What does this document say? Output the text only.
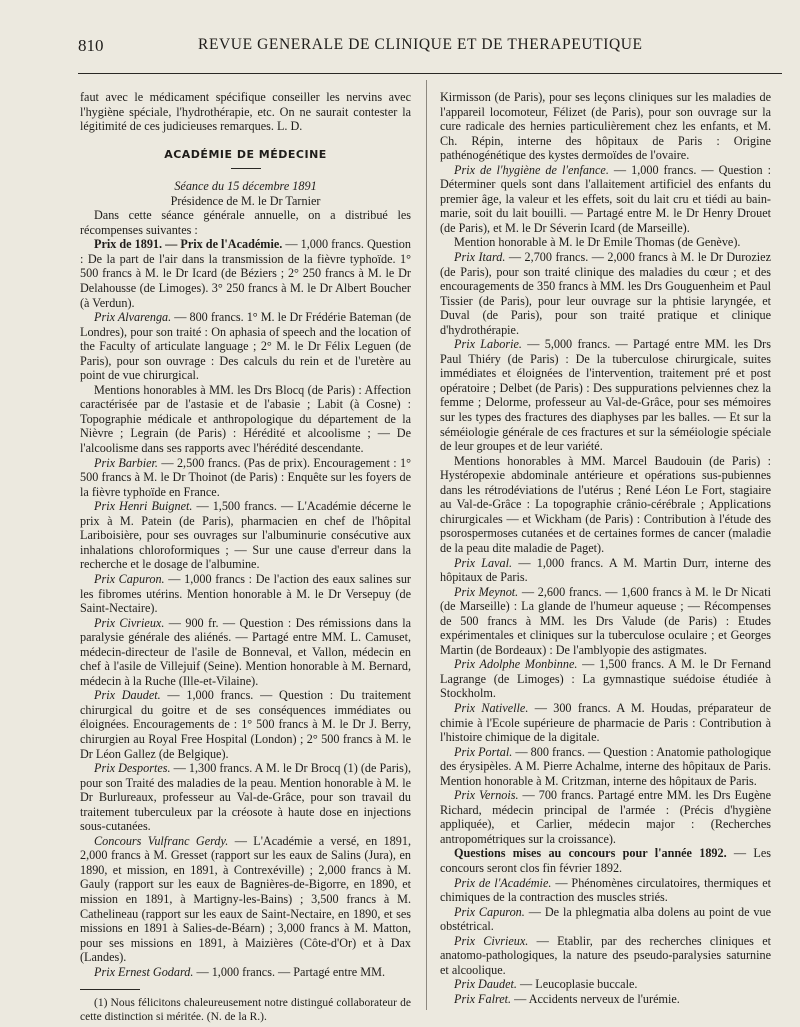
810	REVUE GENERALE DE CLINIQUE ET DE THERAPEUTIQUE

faut avec le médicament spécifique conseiller les nervins avec l'hygiène spéciale, l'hydrothérapie, etc. On ne saurait contester la légitimité de ces judicieuses remarques. L. D.

ACADÉMIE DE MÉDECINE

Séance du 15 décembre 1891

Présidence de M. le Dr Tarnier

Dans cette séance générale annuelle, on a distribué les récompenses suivantes :

Prix de 1891. — Prix de l'Académie. — 1,000 francs. Question : De la part de l'air dans la transmission de la fièvre typhoïde. 1° 500 francs à M. le Dr Icard (de Béziers ; 2° 250 francs à M. le Dr Delahousse (de Limoges). 3° 250 francs à M. le Dr Albert Boucher (à Verdun).

Prix Alvarenga. — 800 francs. 1° M. le Dr Frédérie Bateman (de Londres), pour son traité : On aphasia of speech and the location of the Faculty of articulate language ; 2° M. le Dr Félix Leguen (de Paris), pour son ouvrage : Des calculs du rein et de l'uretère au point de vue chirurgical.

Mentions honorables à MM. les Drs Blocq (de Paris) : Affection caractérisée par de l'astasie et de l'abasie ; Labit (à Cosne) : Topographie médicale et anthropologique du département de la Nièvre ; Legrain (de Paris) : Hérédité et alcoolisme ; — De l'alcoolisme dans ses rapports avec l'hérédité descendante.

Prix Barbier. — 2,500 francs. (Pas de prix). Encouragement : 1° 500 francs à M. le Dr Thoinot (de Paris) : Enquête sur les foyers de la fièvre typhoïde en France.

Prix Henri Buignet. — 1,500 francs. — L'Académie décerne le prix à M. Patein (de Paris), pharmacien en chef de l'hôpital Lariboisière, pour ses ouvrages sur l'albuminurie consécutive aux inhalations chloroformiques ; — Sur une cause d'erreur dans la recherche et le dosage de l'albumine.

Prix Capuron. — 1,000 francs : De l'action des eaux salines sur les fibromes utérins. Mention honorable à M. le Dr Versepuy (de Saint-Nectaire).

Prix Civrieux. — 900 fr. — Question : Des rémissions dans la paralysie générale des aliénés. — Partagé entre MM. L. Camuset, médecin-directeur de l'asile de Bonneval, et Vallon, médecin en chef à l'asile de Villejuif (Seine). Mention honorable à M. Bernard, médecin à la Ruche (Ille-et-Vilaine).

Prix Daudet. — 1,000 francs. — Question : Du traitement chirurgical du goitre et de ses conséquences immédiates ou éloignées. Encouragements de : 1° 500 francs à M. le Dr J. Berry, chirurgien au Royal Free Hospital (London) ; 2° 500 francs à M. le Dr Léon Gallez (de Belgique).

Prix Desportes. — 1,300 francs. A M. le Dr Brocq (1) (de Paris), pour son Traité des maladies de la peau. Mention honorable à M. le Dr Burlureaux, professeur au Val-de-Grâce, pour son travail du traitement tuberculeux par la créosote à haute dose en injections sous-cutanées.

Concours Vulfranc Gerdy. — L'Académie a versé, en 1891, 2,000 francs à M. Gresset (rapport sur les eaux de Salins (Jura), en 1890, et mission, en 1891, à Contrexéville) ; 2,000 francs à M. Gauly (rapport sur les eaux de Bagnières-de-Bigorre, en 1890, et mission en 1891, à Martigny-les-Bains) ; 3,500 francs à M. Cathelineau (rapport sur les eaux de Saint-Nectaire, en 1890, et ses missions en 1891 à Salies-de-Béarn) ; 3,000 francs à M. Matton, pour ses missions en 1891, à Maizières (Côte-d'Or) et à Dax (Landes).

Prix Ernest Godard. — 1,000 francs. — Partagé entre MM.

(1) Nous félicitons chaleureusement notre distingué collaborateur de cette distinction si méritée. (N. de la R.).

Kirmisson (de Paris), pour ses leçons cliniques sur les maladies de l'appareil locomoteur, Félizet (de Paris), pour son ouvrage sur la cure radicale des hernies particulièrement chez les enfants, et M. Ch. Répin, interne des hôpitaux de Paris : Origine pathénogénétique des kystes dermoïdes de l'ovaire.

Prix de l'hygiène de l'enfance. — 1,000 francs. — Question : Déterminer quels sont dans l'allaitement artificiel des enfants du premier âge, la valeur et les effets, soit du lait cru et tiédi au bain-marie, soit du lait bouilli. — Partagé entre M. le Dr Henry Drouet (de Paris), et M. le Dr Séverin Icard (de Marseille).

Mention honorable à M. le Dr Emile Thomas (de Genève).

Prix Itard. — 2,700 francs. — 2,000 francs à M. le Dr Duroziez (de Paris), pour son traité clinique des maladies du cœur ; et des encouragements de 350 francs à MM. les Drs Gouguenheim et Paul Tissier (de Paris), pour leur ouvrage sur la phtisie laryngée, et Duval (de Paris), pour son traité pratique et clinique d'hydrothérapie.

Prix Laborie. — 5,000 francs. — Partagé entre MM. les Drs Paul Thiéry (de Paris) : De la tuberculose chirurgicale, suites immédiates et éloignées de l'intervention, traitement pré et post opératoire ; Delbet (de Paris) : Des suppurations pelviennes chez la femme ; Delorme, professeur au Val-de-Grâce, pour ses mémoires sur les types des fractures des diaphyses par les balles. — Et sur la séméiologie générale de ces fractures et sur la séméiologie spéciale de leur groupes et de leur variété.

Mentions honorables à MM. Marcel Baudouin (de Paris) : Hystéropexie abdominale antérieure et opérations sus-pubiennes dans les rétrodéviations de l'utérus ; René Léon Le Fort, stagiaire au Val-de-Grâce : La topographie crânio-cérébrale ; Applications chirurgicales — et Wickham (de Paris) : Contribution à l'étude des psorospermoses cutanées et de certaines formes de cancer (maladie de la peau dite maladie de Paget).

Prix Laval. — 1,000 francs. A M. Martin Durr, interne des hôpitaux de Paris.

Prix Meynot. — 2,600 francs. — 1,600 francs à M. le Dr Nicati (de Marseille) : La glande de l'humeur aqueuse ; — Récompenses de 500 francs à MM. les Drs Valude (de Paris) : Etudes expérimentales et cliniques sur la tuberculose oculaire ; et Georges Martin (de Bordeaux) : De l'amblyopie des astigmates.

Prix Adolphe Monbinne. — 1,500 francs. A M. le Dr Fernand Lagrange (de Limoges) : La gymnastique suédoise étudiée à Stockholm.

Prix Nativelle. — 300 francs. A M. Houdas, préparateur de chimie à l'Ecole supérieure de pharmacie de Paris : Contribution à l'histoire chimique de la digitale.

Prix Portal. — 800 francs. — Question : Anatomie pathologique des érysipèles. A M. Pierre Achalme, interne des hôpitaux de Paris. Mention honorable à M. Critzman, interne des hôpitaux de Paris.

Prix Vernois. — 700 francs. Partagé entre MM. les Drs Eugène Richard, médecin principal de l'armée : (Précis d'hygiène appliquée), et Carlier, médecin major : (Recherches antropométriques sur la croissance).

Questions mises au concours pour l'année 1892. — Les concours seront clos fin février 1892.

Prix de l'Académie. — Phénomènes circulatoires, thermiques et chimiques de la contraction des muscles striés.

Prix Capuron. — De la phlegmatia alba dolens au point de vue obstétrical.

Prix Civrieux. — Etablir, par des recherches cliniques et anatomo-pathologiques, la nature des pseudo-paralysies saturnine et alcoolique.

Prix Daudet. — Leucoplasie buccale.

Prix Falret. — Accidents nerveux de l'urémie.
